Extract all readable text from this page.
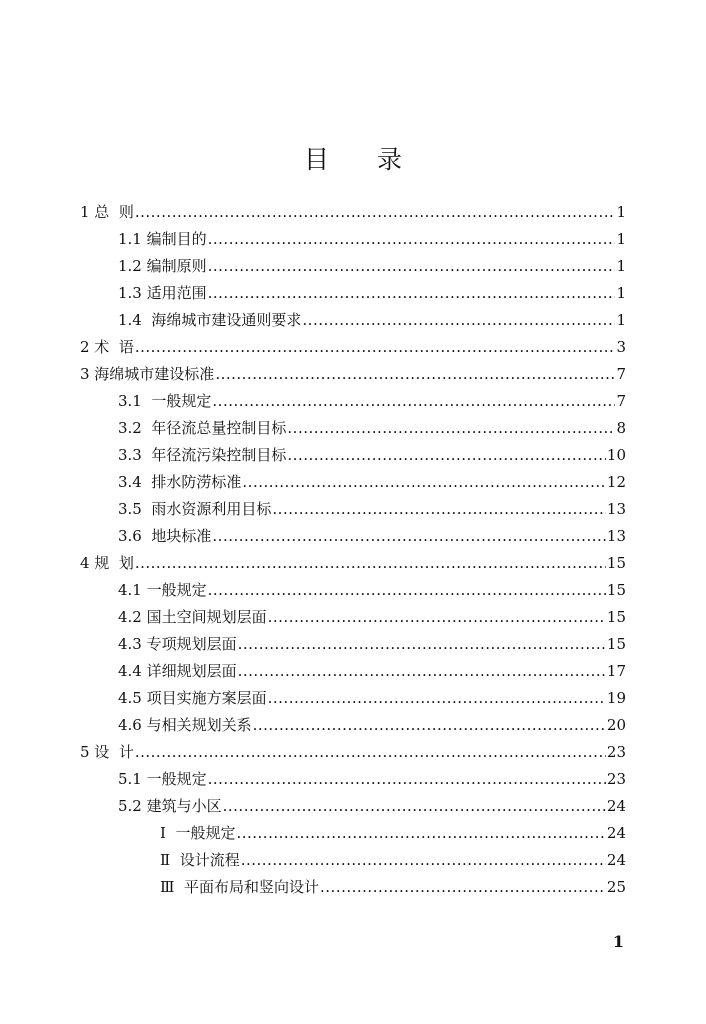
目 录
1 总  则 .....	1
1.1 编制目的 .....	1
1.2 编制原则 .....	1
1.3 适用范围 .....	1
1.4  海绵城市建设通则要求 .....	1
2 术  语 .....	3
3 海绵城市建设标准 .....	7
3.1  一般规定 .....	7
3.2  年径流总量控制目标 .....	8
3.3  年径流污染控制目标 .....	10
3.4  排水防涝标准 .....	12
3.5  雨水资源利用目标 .....	13
3.6  地块标准 .....	13
4 规  划 .....	15
4.1 一般规定 .....	15
4.2 国土空间规划层面 .....	15
4.3 专项规划层面 .....	15
4.4 详细规划层面 .....	17
4.5 项目实施方案层面 .....	19
4.6 与相关规划关系 .....	20
5 设  计 .....	23
5.1 一般规定 .....	23
5.2 建筑与小区 .....	24
Ⅰ  一般规定 .....	24
Ⅱ  设计流程 .....	24
Ⅲ  平面布局和竖向设计 .....	25
1
